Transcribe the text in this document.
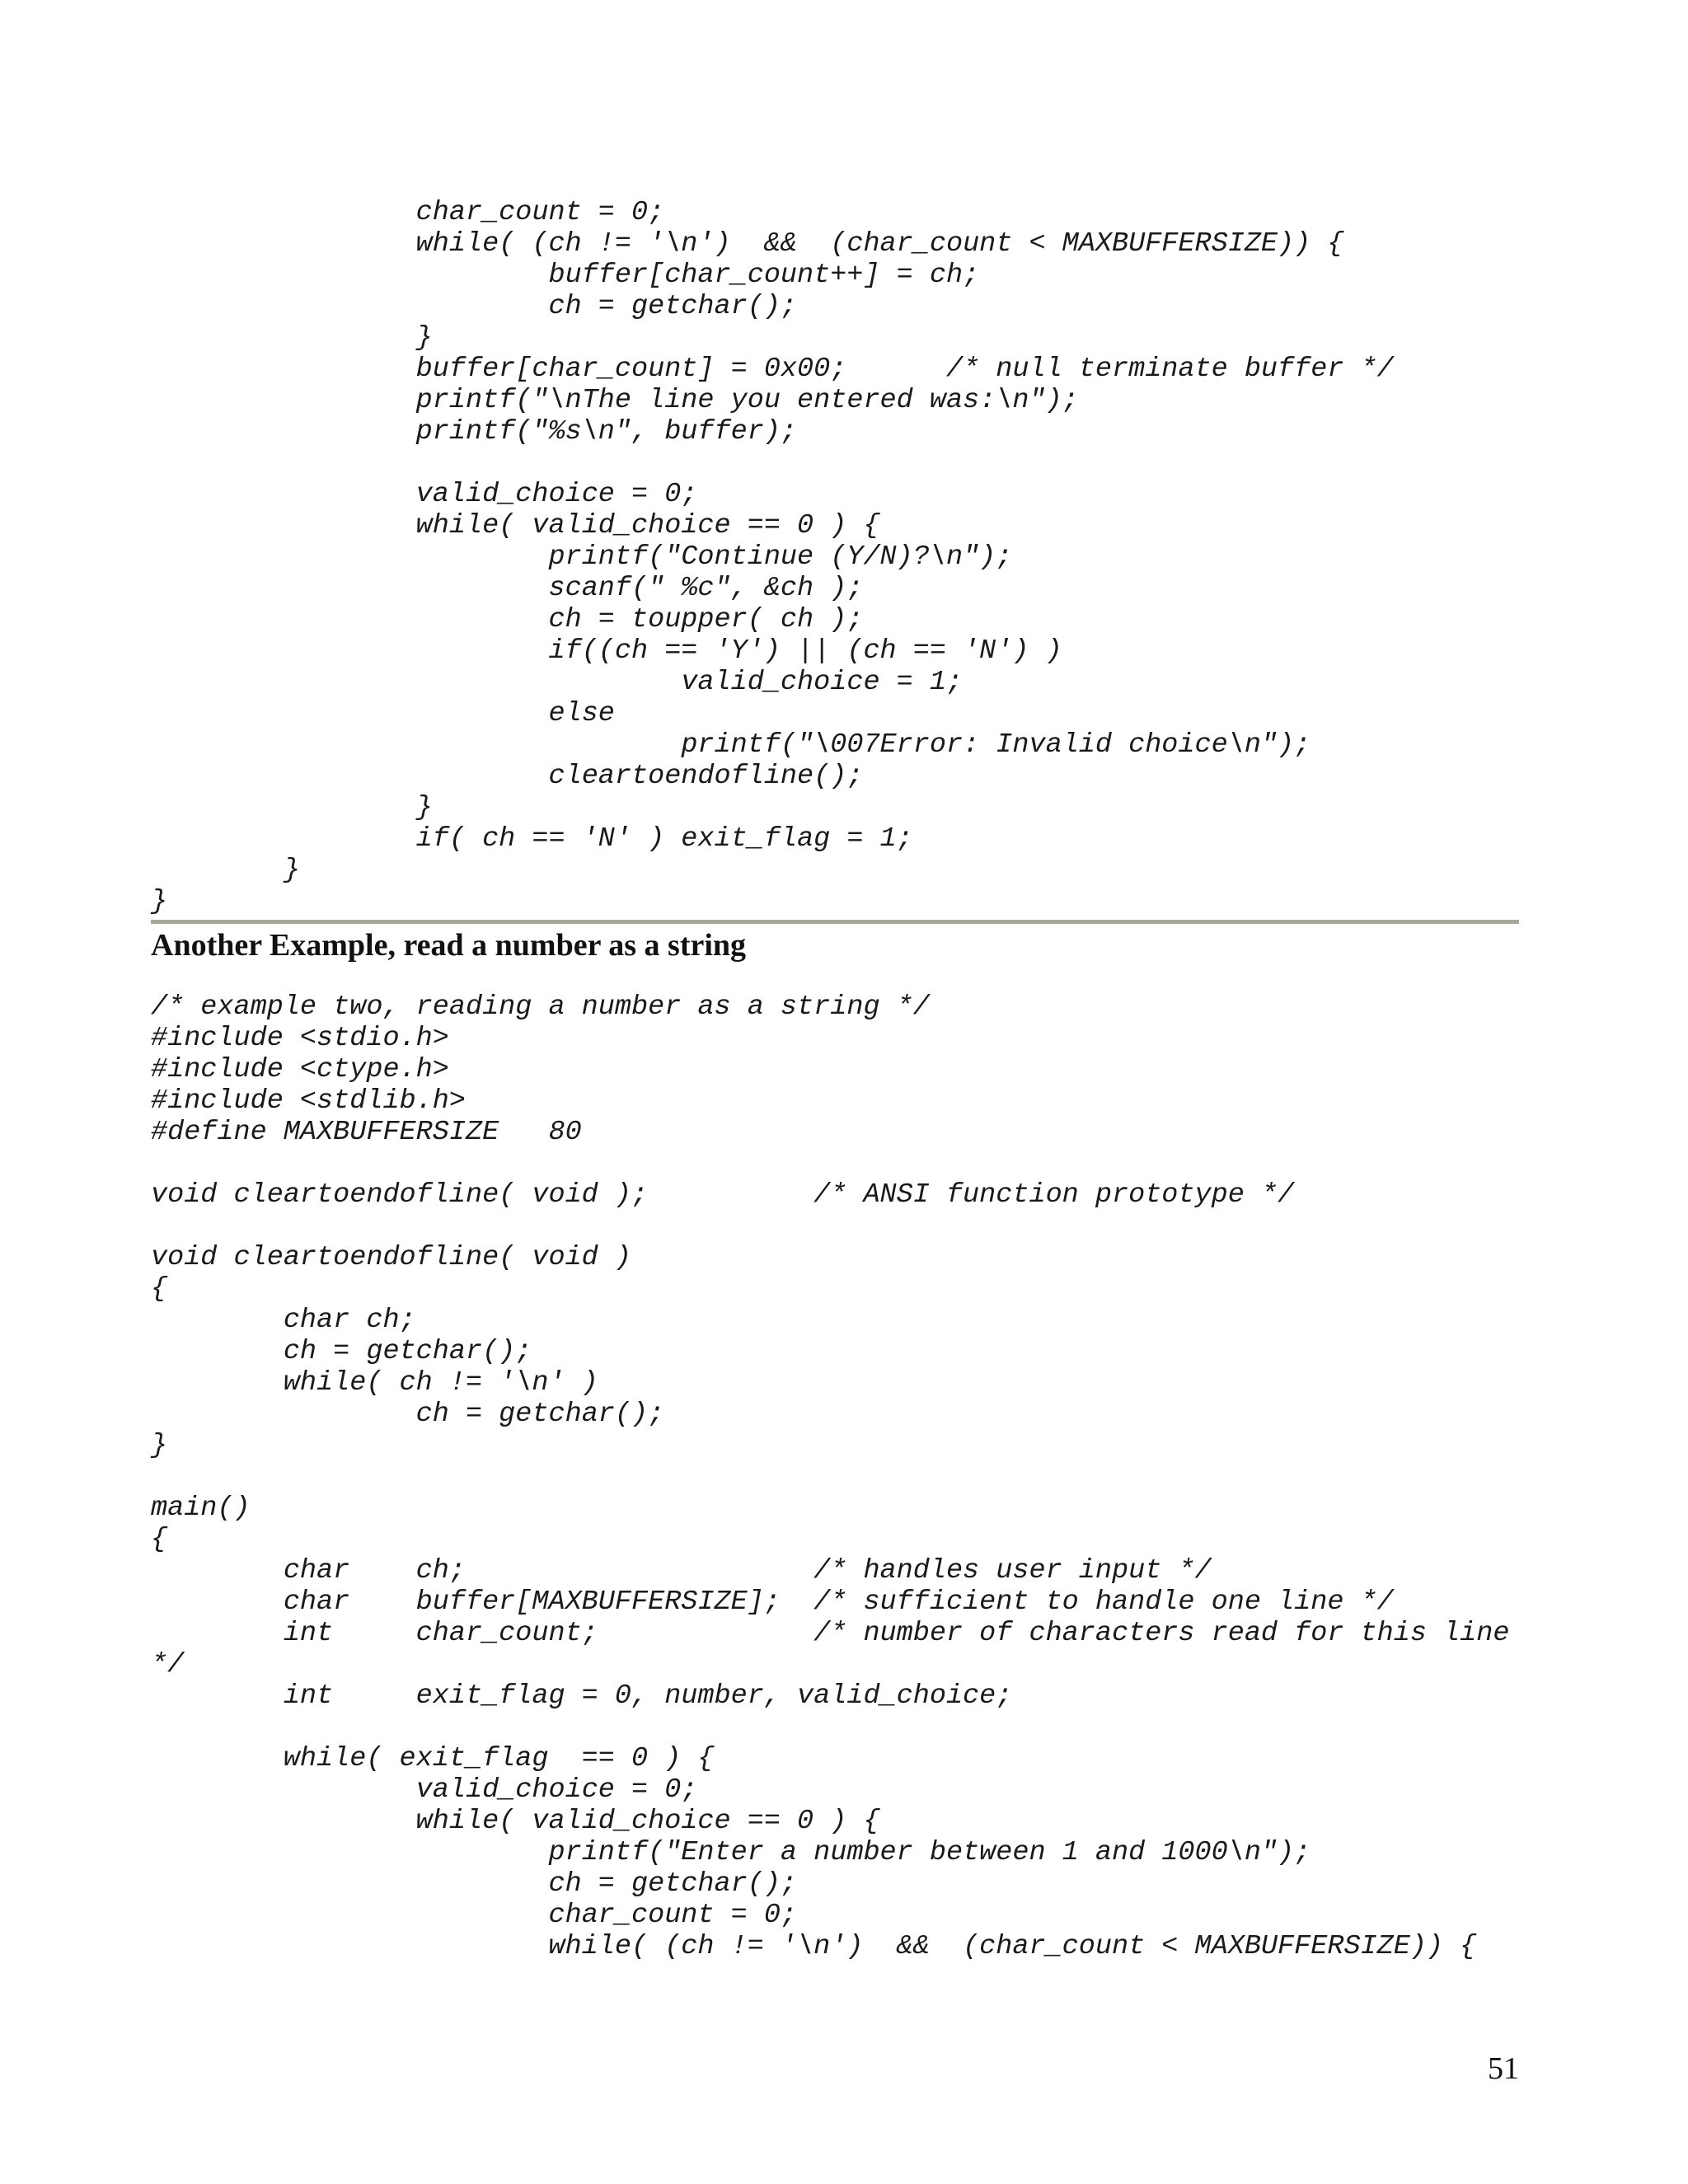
		char_count = 0;
		while( (ch != '\n')  &&  (char_count < MAXBUFFERSIZE)) {
			buffer[char_count++] = ch;
			ch = getchar();
		}
		buffer[char_count] = 0x00;      /* null terminate buffer */
		printf("\nThe line you entered was:\n");
		printf("%s\n", buffer);

		valid_choice = 0;
		while( valid_choice == 0 ) {
			printf("Continue (Y/N)?\n");
			scanf(" %c", &ch );
			ch = toupper( ch );
			if((ch == 'Y') || (ch == 'N') )
				valid_choice = 1;
			else
				printf("\007Error: Invalid choice\n");
			cleartoendofline();
		}
		if( ch == 'N' ) exit_flag = 1;
	}
}
Another Example, read a number as a string
/* example two, reading a number as a string */
#include <stdio.h>
#include <ctype.h>
#include <stdlib.h>
#define MAXBUFFERSIZE   80

void cleartoendofline( void );          /* ANSI function prototype */

void cleartoendofline( void )
{
	char ch;
	ch = getchar();
	while( ch != '\n' )
		ch = getchar();
}

main()
{
	char    ch;                     /* handles user input */
	char    buffer[MAXBUFFERSIZE];  /* sufficient to handle one line */
	int     char_count;             /* number of characters read for this line
*/
	int     exit_flag = 0, number, valid_choice;

	while( exit_flag  == 0 ) {
		valid_choice = 0;
		while( valid_choice == 0 ) {
			printf("Enter a number between 1 and 1000\n");
			ch = getchar();
			char_count = 0;
			while( (ch != '\n')  &&  (char_count < MAXBUFFERSIZE)) {
51
